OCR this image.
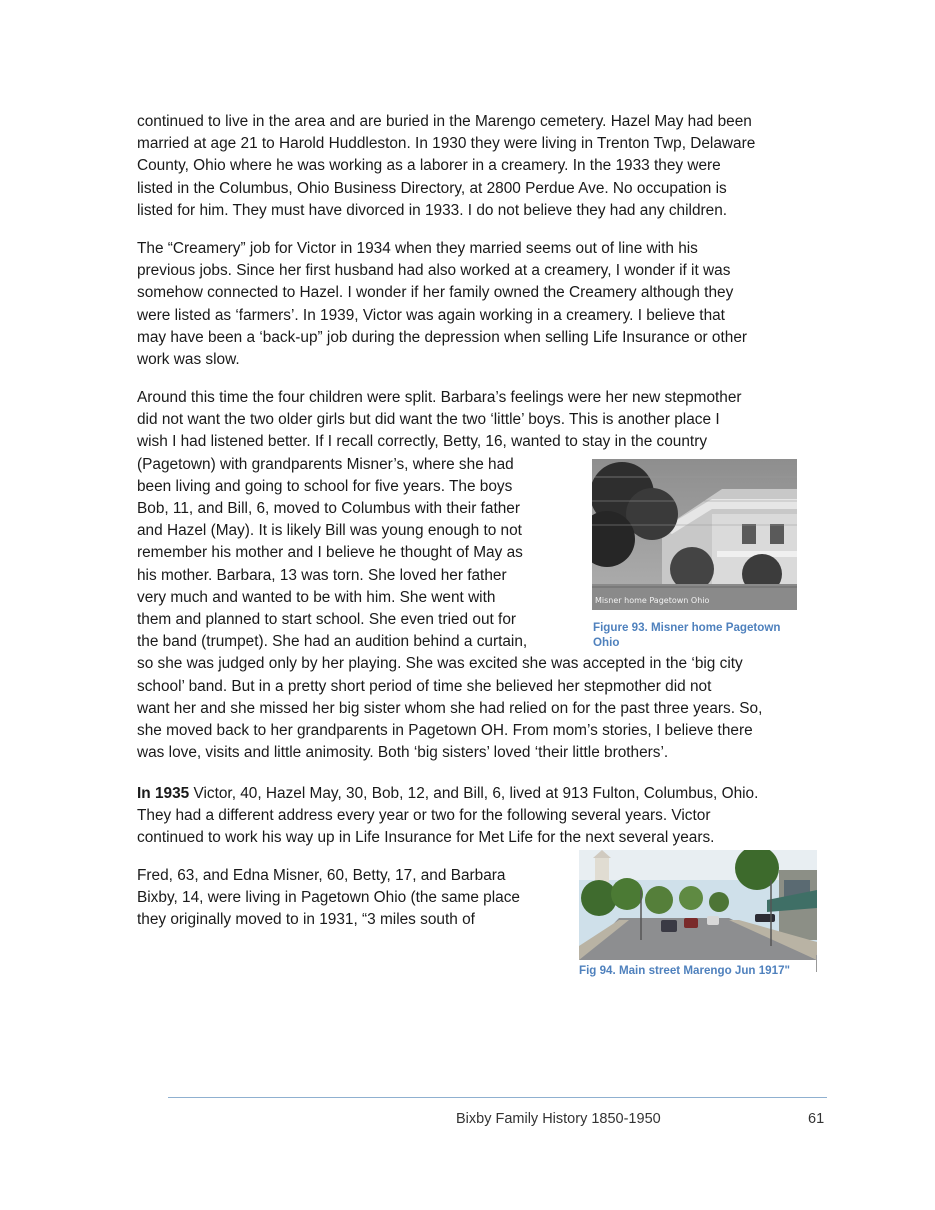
continued to live in the area and are buried in the Marengo cemetery. Hazel May had been
married at age 21 to Harold Huddleston. In 1930 they were living in Trenton Twp, Delaware
County, Ohio where he was working as a laborer in a creamery. In the 1933 they were
listed in the Columbus, Ohio Business Directory, at 2800 Perdue Ave. No occupation is
listed for him. They must have divorced in 1933. I do not believe they had any children.
The “Creamery” job for Victor in 1934 when they married seems out of line with his
previous jobs. Since her first husband had also worked at a creamery, I wonder if it was
somehow connected to Hazel. I wonder if her family owned the Creamery although they
were listed as ‘farmers’. In 1939, Victor was again working in a creamery. I believe that
may have been a ‘back-up” job during the depression when selling Life Insurance or other
work was slow.
Around this time the four children were split. Barbara’s feelings were her new stepmother
did not want the two older girls but did want the two ‘little’ boys. This is another place I
wish I had listened better. If I recall correctly, Betty, 16, wanted to stay in the country
(Pagetown) with grandparents Misner’s, where she had
been living and going to school for five years. The boys
Bob, 11, and Bill, 6, moved to Columbus with their father
and Hazel (May). It is likely Bill was young enough to not
remember his mother and I believe he thought of May as
his mother. Barbara, 13 was torn. She loved her father
very much and wanted to be with him. She went with
them and planned to start school. She even tried out for
the band (trumpet). She had an audition behind a curtain,
so she was judged only by her playing. She was excited she was accepted in the ‘big city
school’ band. But in a pretty short period of time she believed her stepmother did not
want her and she missed her big sister whom she had relied on for the past three years. So,
she moved back to her grandparents in Pagetown OH. From mom’s stories, I believe there
was love, visits and little animosity. Both ‘big sisters’ loved ‘their little brothers’.
Misner home Pagetown Ohio
Figure 93. Misner home Pagetown
Ohio
In 1935 Victor, 40, Hazel May, 30, Bob, 12, and Bill, 6, lived at 913 Fulton, Columbus, Ohio.
They had a different address every year or two for the following several years. Victor
continued to work his way up in Life Insurance for Met Life for the next several years.
Fred, 63, and Edna Misner, 60, Betty, 17, and Barbara
Bixby, 14, were living in Pagetown Ohio (the same place
they originally moved to in 1931, “3 miles south of
Fig 94. Main street Marengo Jun 1917"
Bixby Family History 1850-1950	61
